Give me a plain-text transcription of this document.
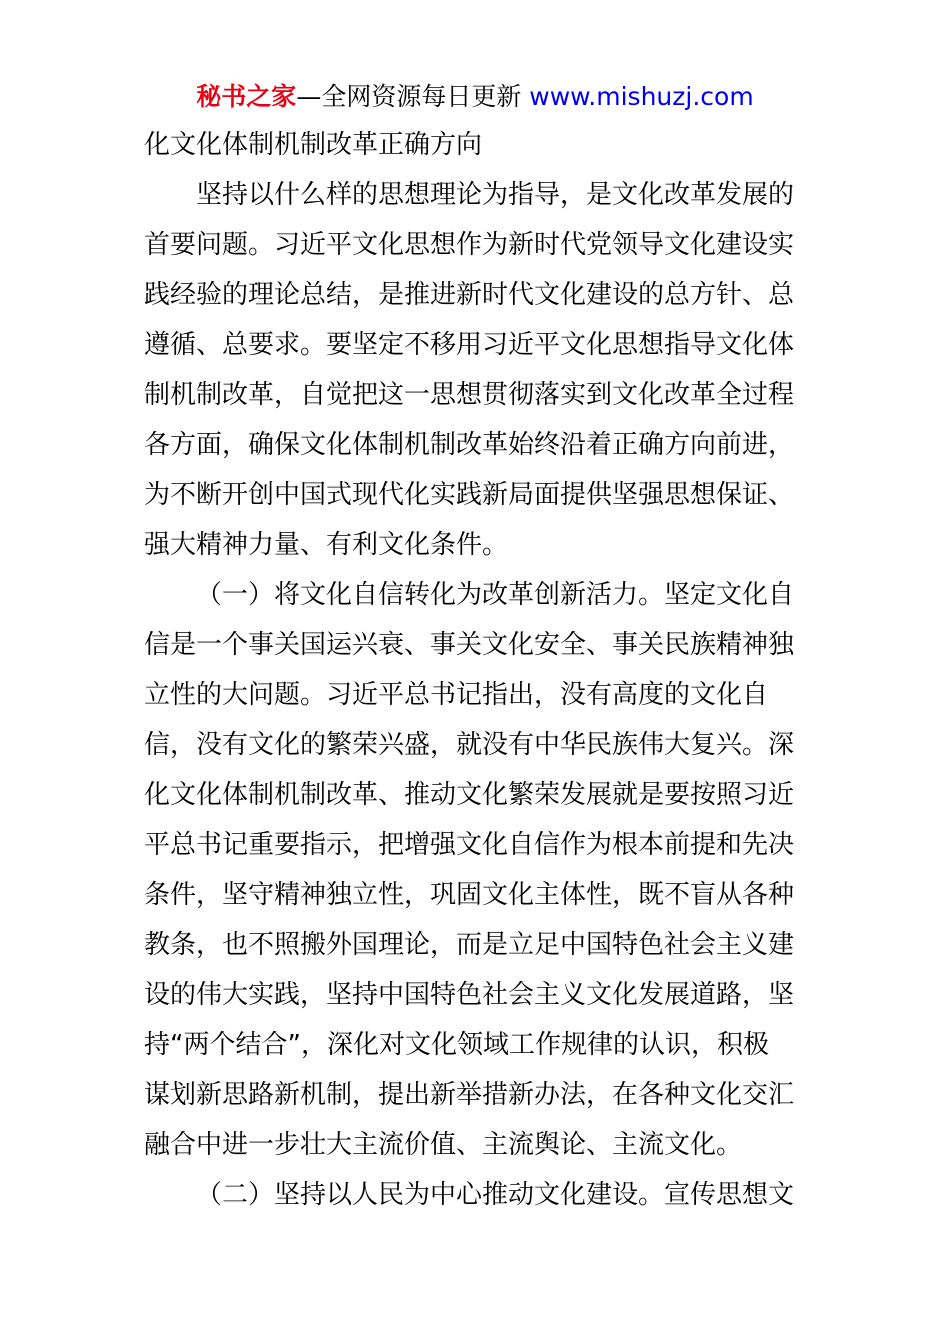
秘书之家—全网资源每日更新 www.mishuzj.com
化文化体制机制改革正确方向
坚持以什么样的思想理论为指导，是文化改革发展的
首要问题。习近平文化思想作为新时代党领导文化建设实
践经验的理论总结，是推进新时代文化建设的总方针、总
遵循、总要求。要坚定不移用习近平文化思想指导文化体
制机制改革，自觉把这一思想贯彻落实到文化改革全过程
各方面，确保文化体制机制改革始终沿着正确方向前进，
为不断开创中国式现代化实践新局面提供坚强思想保证、
强大精神力量、有利文化条件。
（一）将文化自信转化为改革创新活力。坚定文化自
信是一个事关国运兴衰、事关文化安全、事关民族精神独
立性的大问题。习近平总书记指出，没有高度的文化自
信，没有文化的繁荣兴盛，就没有中华民族伟大复兴。深
化文化体制机制改革、推动文化繁荣发展就是要按照习近
平总书记重要指示，把增强文化自信作为根本前提和先决
条件，坚守精神独立性，巩固文化主体性，既不盲从各种
教条，也不照搬外国理论，而是立足中国特色社会主义建
设的伟大实践，坚持中国特色社会主义文化发展道路，坚
持“两个结合”，深化对文化领域工作规律的认识，积极
谋划新思路新机制，提出新举措新办法，在各种文化交汇
融合中进一步壮大主流价值、主流舆论、主流文化。
（二）坚持以人民为中心推动文化建设。宣传思想文
